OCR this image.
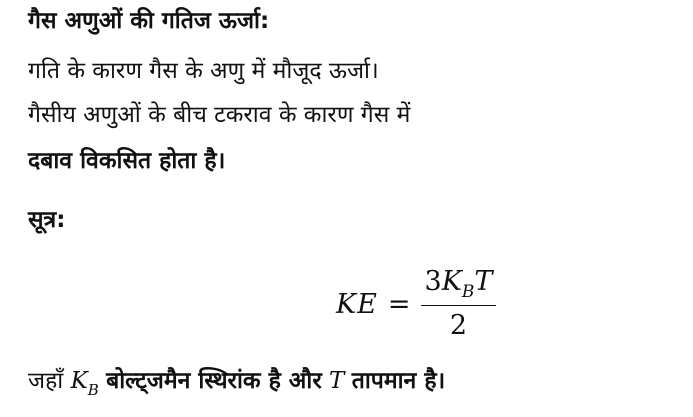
गैस अणुओं की गतिज ऊर्जा:
गति के कारण गैस के अणु में मौजूद ऊर्जा।
गैसीय अणुओं के बीच टकराव के कारण गैस में
दबाव विकसित होता है।
सूत्र:
KE = $\frac{3K_BT}{2}$
जहाँ $K_B$ बोल्ट्जमैन स्थिरांक है और T तापमान है।
